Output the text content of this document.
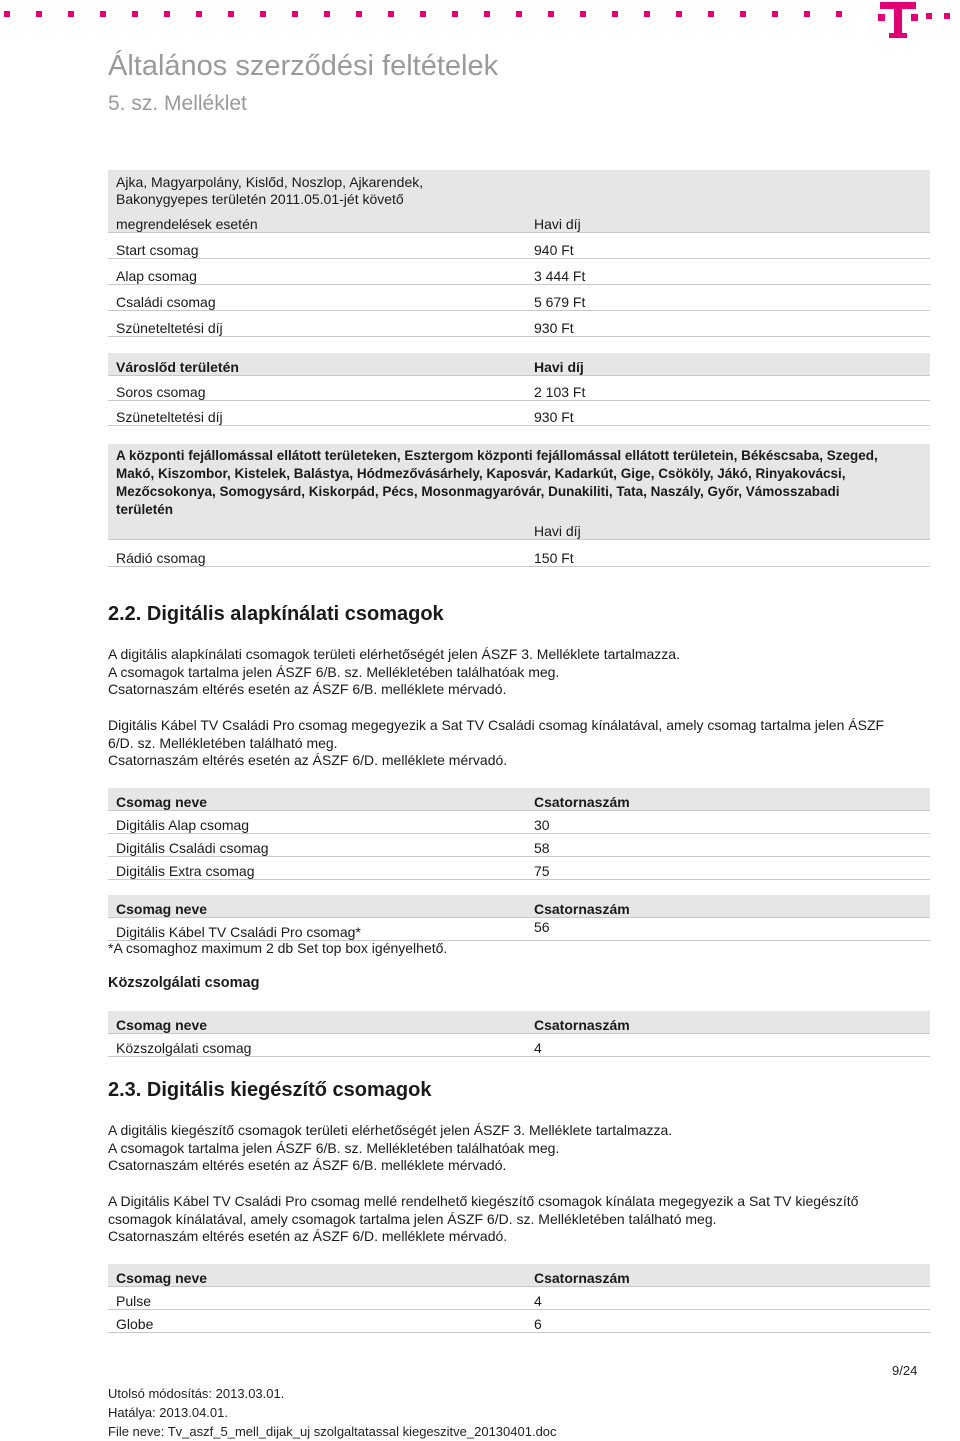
Általános szerződési feltételek
5. sz. Melléklet
Ajka, Magyarpolány, Kislőd, Noszlop, Ajkarendek,
Bakonygyepes területén 2011.05.01-jét követő	

megrendelések esetén	Havi díj
Start csomag	940 Ft
Alap csomag	3 444 Ft
Családi csomag	5 679 Ft
Szüneteltetési díj	930 Ft
Városlőd területén	Havi díj
Soros csomag	2 103 Ft
Szüneteltetési díj	930 Ft
A központi fejállomással ellátott területeken, Esztergom központi fejállomással ellátott területein, Békéscsaba, Szeged,
Makó, Kiszombor, Kistelek, Balástya, Hódmezővásárhely, Kaposvár, Kadarkút, Gige, Csököly, Jákó, Rinyakovácsi,
Mezőcsokonya, Somogysárd, Kiskorpád, Pécs, Mosonmagyaróvár, Dunakiliti, Tata, Naszály, Győr, Vámosszabadi
területén	

	Havi díj
Rádió csomag	150 Ft
2.2. Digitális alapkínálati csomagok
A digitális alapkínálati csomagok területi elérhetőségét jelen ÁSZF 3. Melléklete tartalmazza.
A csomagok tartalma jelen ÁSZF 6/B. sz. Mellékletében találhatóak meg.
Csatornaszám eltérés esetén az ÁSZF 6/B. melléklete mérvadó.
Digitális Kábel TV Családi Pro csomag megegyezik a Sat TV Családi csomag kínálatával, amely csomag tartalma jelen ÁSZF
6/D. sz. Mellékletében található meg.
Csatornaszám eltérés esetén az ÁSZF 6/D. melléklete mérvadó.
Csomag neve	Csatornaszám
Digitális Alap csomag	30
Digitális Családi csomag	58
Digitális Extra csomag	75
Csomag neve	Csatornaszám
Digitális Kábel TV Családi Pro csomag*	56
*A csomaghoz maximum 2 db Set top box igényelhető.
Közszolgálati csomag
Csomag neve	Csatornaszám
Közszolgálati csomag	4
2.3. Digitális kiegészítő csomagok
A digitális kiegészítő csomagok területi elérhetőségét jelen ÁSZF 3. Melléklete tartalmazza.
A csomagok tartalma jelen ÁSZF 6/B. sz. Mellékletében találhatóak meg.
Csatornaszám eltérés esetén az ÁSZF 6/B. melléklete mérvadó.
A Digitális Kábel TV Családi Pro csomag mellé rendelhető kiegészítő csomagok kínálata megegyezik a Sat TV kiegészítő
csomagok kínálatával, amely csomagok tartalma jelen ÁSZF 6/D. sz. Mellékletében található meg.
Csatornaszám eltérés esetén az ÁSZF 6/D. melléklete mérvadó.
Csomag neve	Csatornaszám
Pulse	4
Globe	6
9/24
Utolsó módosítás: 2013.03.01.
Hatálya: 2013.04.01.
File neve: Tv_aszf_5_mell_dijak_uj szolgaltatassal kiegeszitve_20130401.doc
